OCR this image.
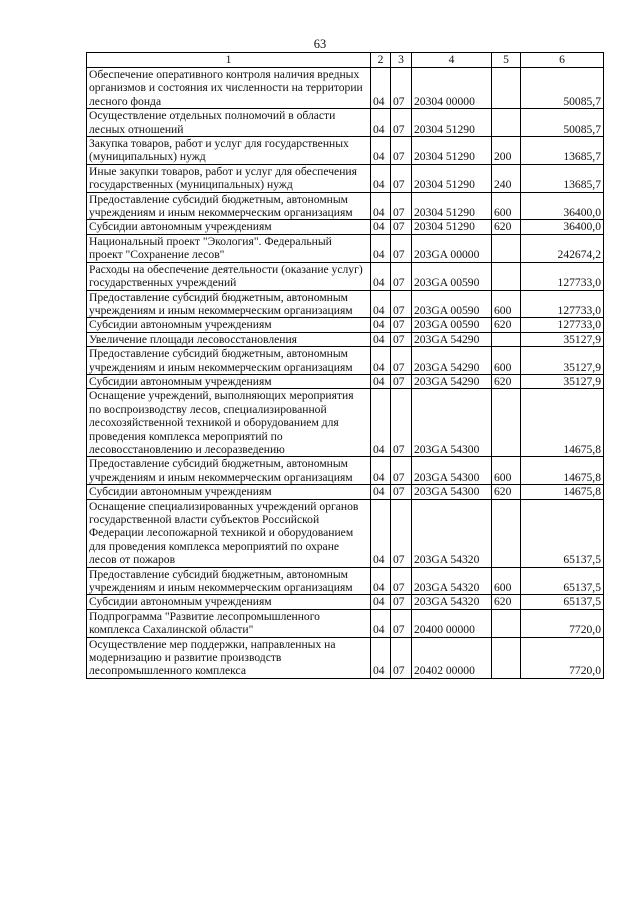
63
1	2	3	4	5	6
Обеспечение оперативного контроля наличия вредных организмов и состояния их численности на территории лесного фонда	04	07	20304 00000		50085,7
Осуществление отдельных полномочий в области лесных отношений	04	07	20304 51290		50085,7
Закупка товаров, работ и услуг для государственных (муниципальных) нужд	04	07	20304 51290	200	13685,7
Иные закупки товаров, работ и услуг для обеспечения государственных (муниципальных) нужд	04	07	20304 51290	240	13685,7
Предоставление субсидий бюджетным, автономным учреждениям и иным некоммерческим организациям	04	07	20304 51290	600	36400,0
Субсидии автономным учреждениям	04	07	20304 51290	620	36400,0
Национальный проект "Экология". Федеральный проект "Сохранение лесов"	04	07	203GA 00000		242674,2
Расходы на обеспечение деятельности (оказание услуг) государственных учреждений	04	07	203GA 00590		127733,0
Предоставление субсидий бюджетным, автономным учреждениям и иным некоммерческим организациям	04	07	203GA 00590	600	127733,0
Субсидии автономным учреждениям	04	07	203GA 00590	620	127733,0
Увеличение площади лесовосстановления	04	07	203GA 54290		35127,9
Предоставление субсидий бюджетным, автономным учреждениям и иным некоммерческим организациям	04	07	203GA 54290	600	35127,9
Субсидии автономным учреждениям	04	07	203GA 54290	620	35127,9
Оснащение учреждений, выполняющих мероприятия по воспроизводству лесов, специализированной лесохозяйственной техникой и оборудованием для проведения комплекса мероприятий по лесовосстановлению и лесоразведению	04	07	203GA 54300		14675,8
Предоставление субсидий бюджетным, автономным учреждениям и иным некоммерческим организациям	04	07	203GA 54300	600	14675,8
Субсидии автономным учреждениям	04	07	203GA 54300	620	14675,8
Оснащение специализированных учреждений органов государственной власти субъектов Российской Федерации лесопожарной техникой и оборудованием для проведения комплекса мероприятий по охране лесов от пожаров	04	07	203GA 54320		65137,5
Предоставление субсидий бюджетным, автономным учреждениям и иным некоммерческим организациям	04	07	203GA 54320	600	65137,5
Субсидии автономным учреждениям	04	07	203GA 54320	620	65137,5
Подпрограмма "Развитие лесопромышленного комплекса Сахалинской области"	04	07	20400 00000		7720,0
Осуществление мер поддержки, направленных на модернизацию и развитие производств лесопромышленного комплекса	04	07	20402 00000		7720,0
